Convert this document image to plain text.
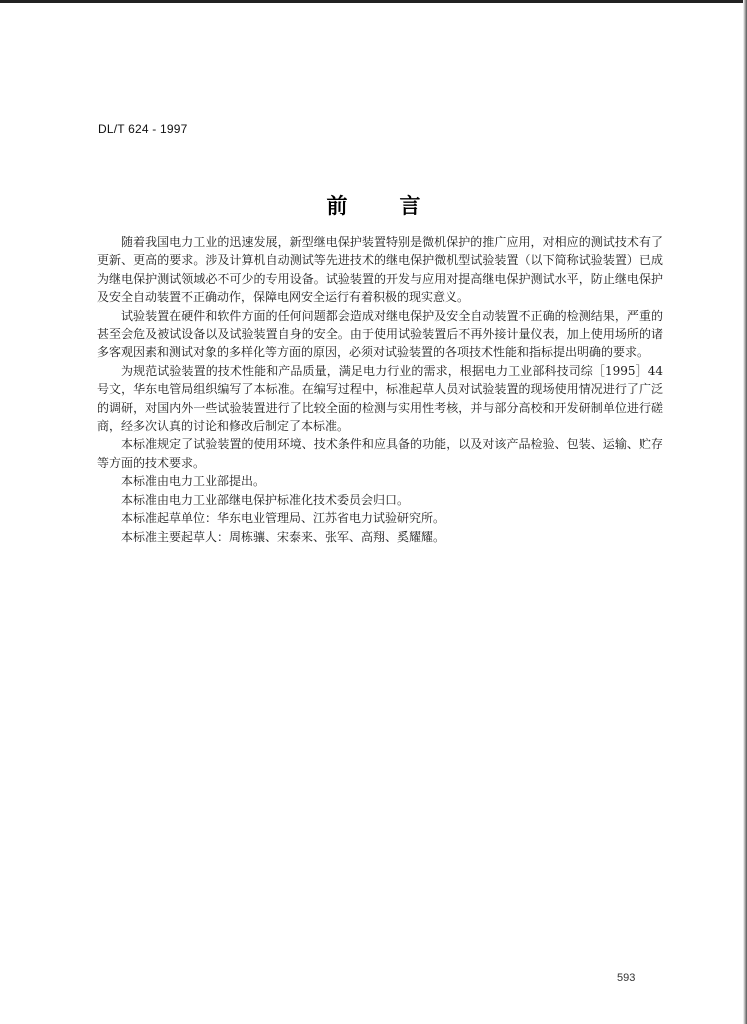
DL/T 624 - 1997
前 言

随着我国电力工业的迅速发展，新型继电保护装置特别是微机保护的推广应用，对相应的测试技术有了更新、更高的要求。涉及计算机自动测试等先进技术的继电保护微机型试验装置（以下简称试验装置）已成为继电保护测试领域必不可少的专用设备。试验装置的开发与应用对提高继电保护测试水平，防止继电保护及安全自动装置不正确动作，保障电网安全运行有着积极的现实意义。

试验装置在硬件和软件方面的任何问题都会造成对继电保护及安全自动装置不正确的检测结果，严重的甚至会危及被试设备以及试验装置自身的安全。由于使用试验装置后不再外接计量仪表，加上使用场所的诸多客观因素和测试对象的多样化等方面的原因，必须对试验装置的各项技术性能和指标提出明确的要求。

为规范试验装置的技术性能和产品质量，满足电力行业的需求，根据电力工业部科技司综［1995］44号文，华东电管局组织编写了本标准。在编写过程中，标准起草人员对试验装置的现场使用情况进行了广泛的调研，对国内外一些试验装置进行了比较全面的检测与实用性考核，并与部分高校和开发研制单位进行磋商，经多次认真的讨论和修改后制定了本标准。

本标准规定了试验装置的使用环境、技术条件和应具备的功能，以及对该产品检验、包装、运输、贮存等方面的技术要求。

本标准由电力工业部提出。

本标准由电力工业部继电保护标准化技术委员会归口。

本标准起草单位：华东电业管理局、江苏省电力试验研究所。

本标准主要起草人：周栋骧、宋泰来、张军、高翔、奚耀耀。

593
